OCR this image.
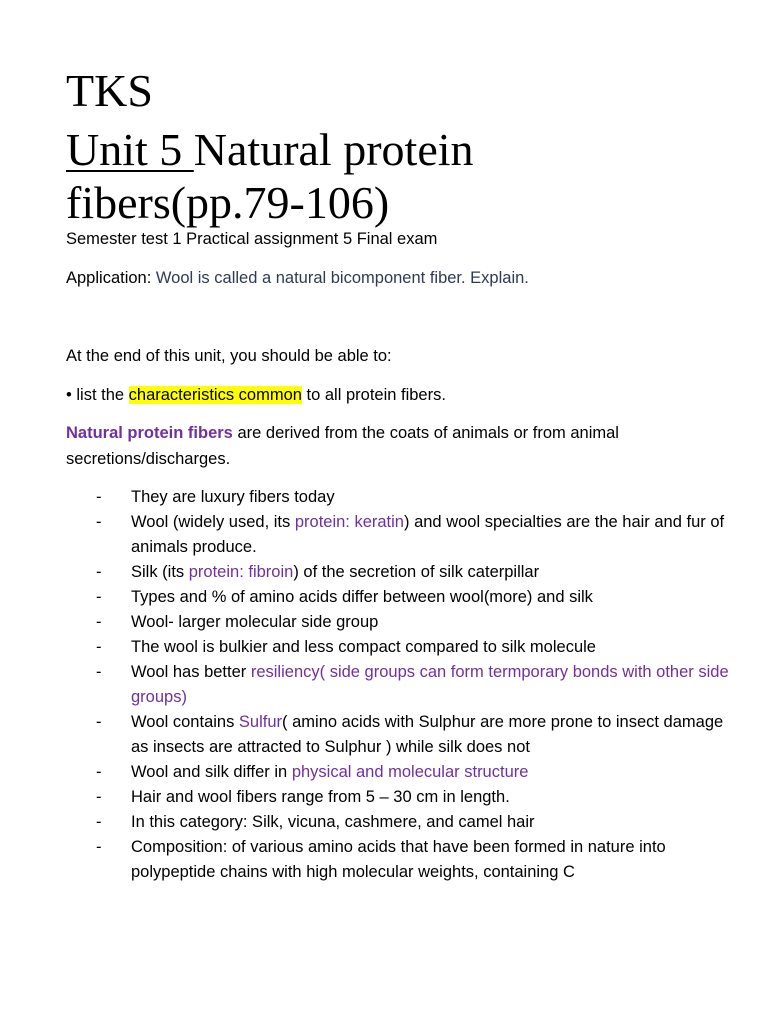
TKS
Unit 5 Natural protein
fibers(pp.79-106)
Semester test 1 Practical assignment 5 Final exam
Application: Wool is called a natural bicomponent fiber. Explain.
At the end of this unit, you should be able to:
• list the characteristics common to all protein fibers.
Natural protein fibers are derived from the coats of animals or from animal
secretions/discharges.
- They are luxury fibers today
- Wool (widely used, its protein: keratin) and wool specialties are the hair and fur of animals produce.
- Silk (its protein: fibroin) of the secretion of silk caterpillar
- Types and % of amino acids differ between wool(more) and silk
- Wool- larger molecular side group
- The wool is bulkier and less compact compared to silk molecule
- Wool has better resiliency( side groups can form termporary bonds with other side groups)
- Wool contains Sulfur( amino acids with Sulphur are more prone to insect damage as insects are attracted to Sulphur ) while silk does not
- Wool and silk differ in physical and molecular structure
- Hair and wool fibers range from 5 – 30 cm in length.
- In this category: Silk, vicuna, cashmere, and camel hair
- Composition: of various amino acids that have been formed in nature into polypeptide chains with high molecular weights, containing C
